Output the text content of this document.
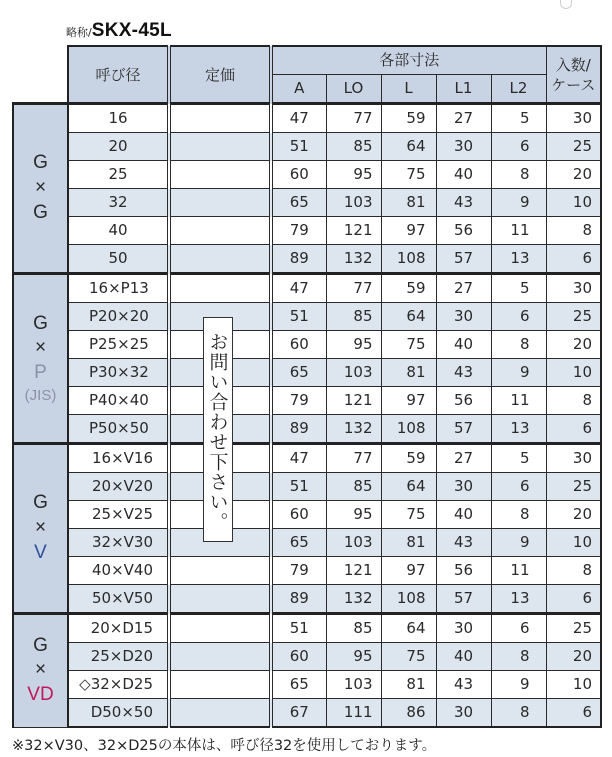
略称/ SKX-45L
	呼び径	定価	各部寸法					入数/
ケース

			A	LO	L	L1	L2	

G
×
G	16		47	77	59	27	5	30
	20		51	85	64	30	6	25
	25		60	95	75	40	8	20
	32		65	103	81	43	9	10
	40		79	121	97	56	11	8
	50		89	132	108	57	13	6

G
×
P
(JIS)	16×P13		47	77	59	27	5	30
	P20×20		51	85	64	30	6	25
	P25×25		60	95	75	40	8	20
	P30×32		65	103	81	43	9	10
	P40×40		79	121	97	56	11	8
	P50×50		89	132	108	57	13	6

G
×
V	16×V16		47	77	59	27	5	30
	20×V20		51	85	64	30	6	25
	25×V25		60	95	75	40	8	20
	32×V30		65	103	81	43	9	10
	40×V40		79	121	97	56	11	8
	50×V50		89	132	108	57	13	6

G
×
VD	20×D15		51	85	64	30	6	25
	25×D20		60	95	75	40	8	20
	◇32×D25		65	103	81	43	9	10
	D50×50		67	111	86	30	8	6
お問い合わせ下さい。
※32×V30、32×D25の本体は、呼び径32を使用しております。
